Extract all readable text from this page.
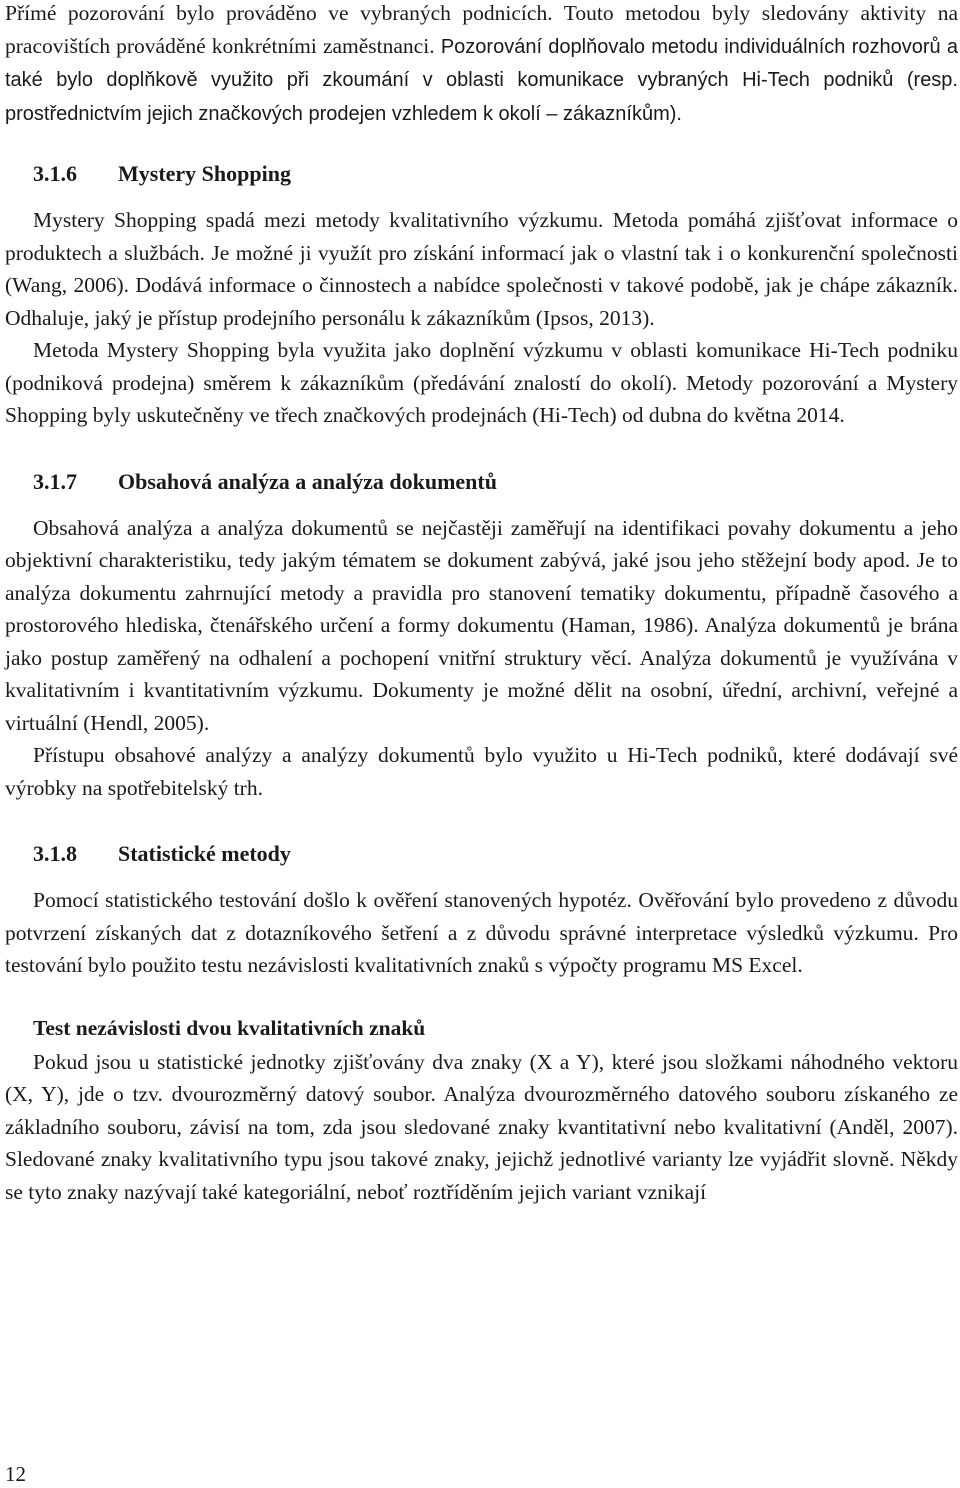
Přímé pozorování bylo prováděno ve vybraných podnicích. Touto metodou byly sledovány aktivity na pracovištích prováděné konkrétními zaměstnanci. Pozorování doplňovalo metodu individuálních rozhovorů a také bylo doplňkově využito při zkoumání v oblasti komunikace vybraných Hi-Tech podniků (resp. prostřednictvím jejich značkových prodejen vzhledem k okolí – zákazníkům).

3.1.6	Mystery Shopping

Mystery Shopping spadá mezi metody kvalitativního výzkumu. Metoda pomáhá zjišťovat informace o produktech a službách. Je možné ji využít pro získání informací jak o vlastní tak i o konkurenční společnosti (Wang, 2006). Dodává informace o činnostech a nabídce společnosti v takové podobě, jak je chápe zákazník. Odhaluje, jaký je přístup prodejního personálu k zákazníkům (Ipsos, 2013).

Metoda Mystery Shopping byla využita jako doplnění výzkumu v oblasti komunikace Hi-Tech podniku (podniková prodejna) směrem k zákazníkům (předávání znalostí do okolí). Metody pozorování a Mystery Shopping byly uskutečněny ve třech značkových prodejnách (Hi-Tech) od dubna do května 2014.

3.1.7	Obsahová analýza a analýza dokumentů

Obsahová analýza a analýza dokumentů se nejčastěji zaměřují na identifikaci povahy dokumentu a jeho objektivní charakteristiku, tedy jakým tématem se dokument zabývá, jaké jsou jeho stěžejní body apod. Je to analýza dokumentu zahrnující metody a pravidla pro stanovení tematiky dokumentu, případně časového a prostorového hlediska, čtenářského určení a formy dokumentu (Haman, 1986). Analýza dokumentů je brána jako postup zaměřený na odhalení a pochopení vnitřní struktury věcí. Analýza dokumentů je využívána v kvalitativním i kvantitativním výzkumu. Dokumenty je možné dělit na osobní, úřední, archivní, veřejné a virtuální (Hendl, 2005).

Přístupu obsahové analýzy a analýzy dokumentů bylo využito u Hi-Tech podniků, které dodávají své výrobky na spotřebitelský trh.

3.1.8	Statistické metody

Pomocí statistického testování došlo k ověření stanovených hypotéz. Ověřování bylo provedeno z důvodu potvrzení získaných dat z dotazníkového šetření a z důvodu správné interpretace výsledků výzkumu. Pro testování bylo použito testu nezávislosti kvalitativních znaků s výpočty programu MS Excel.

Test nezávislosti dvou kvalitativních znaků

Pokud jsou u statistické jednotky zjišťovány dva znaky (X a Y), které jsou složkami náhodného vektoru (X, Y), jde o tzv. dvourozměrný datový soubor. Analýza dvourozměrného datového souboru získaného ze základního souboru, závisí na tom, zda jsou sledované znaky kvantitativní nebo kvalitativní (Anděl, 2007). Sledované znaky kvalitativního typu jsou takové znaky, jejichž jednotlivé varianty lze vyjádřit slovně. Někdy se tyto znaky nazývají také kategoriální, neboť roztříděním jejich variant vznikají

12
